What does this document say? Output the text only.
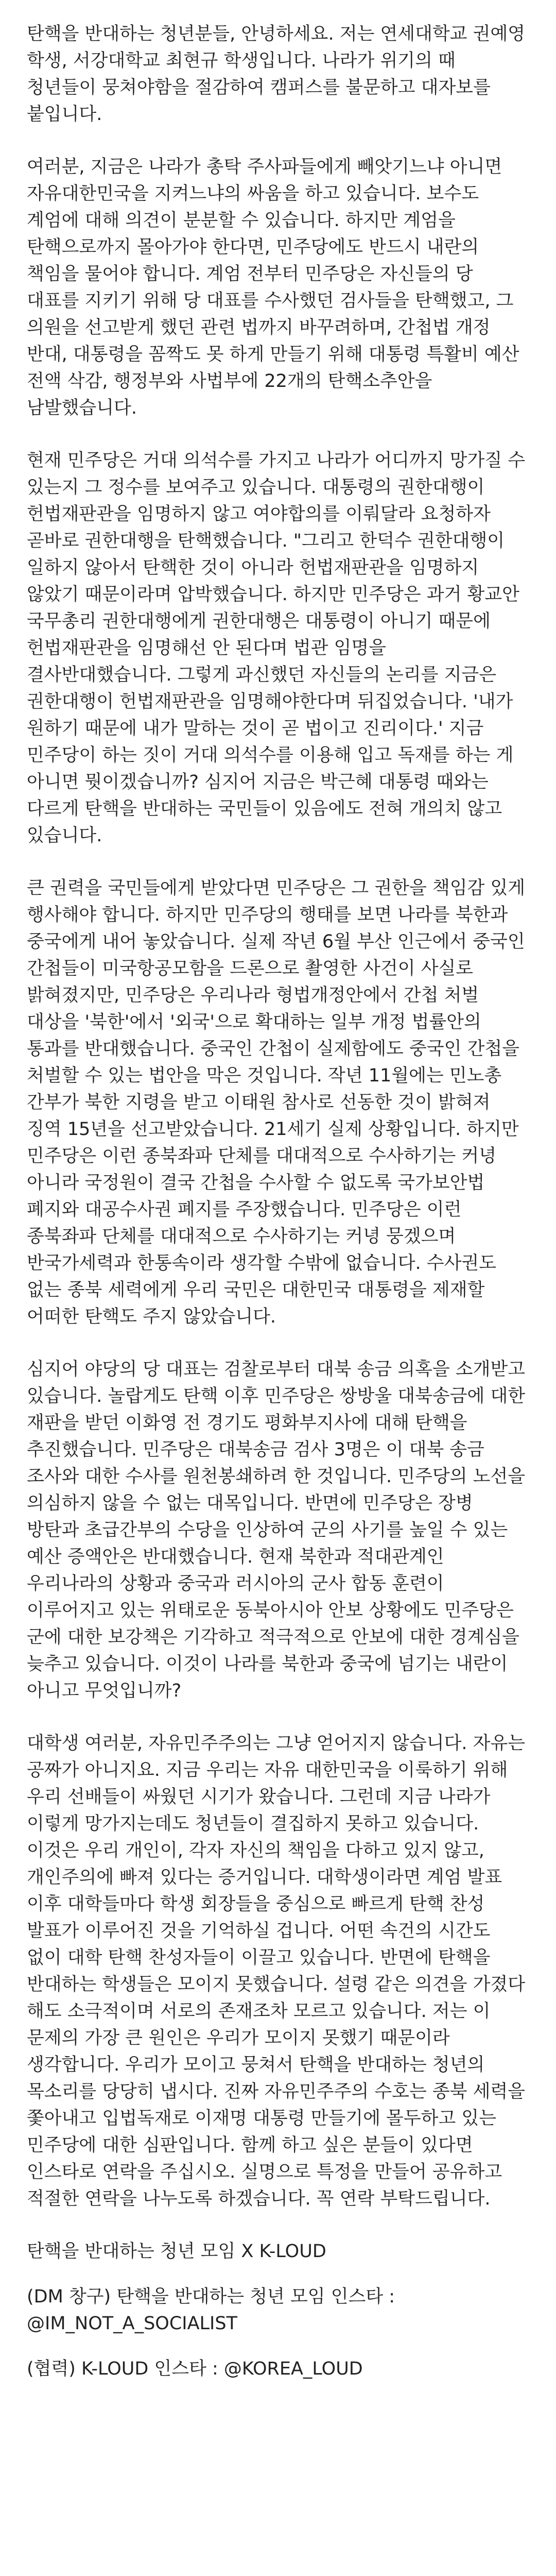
탄핵을 반대하는 청년분들, 안녕하세요. 저는 연세대학교 권예영 학생, 서강대학교 최현규 학생입니다. 나라가 위기의 때 청년들이 뭉쳐야함을 절감하여 캠퍼스를 불문하고 대자보를 붙입니다.

여러분, 지금은 나라가 총탁 주사파들에게 빼앗기느냐 아니면 자유대한민국을 지켜느냐의 싸움을 하고 있습니다. 보수도 계엄에 대해 의견이 분분할 수 있습니다. 하지만 계엄을 탄핵으로까지 몰아가야 한다면, 민주당에도 반드시 내란의 책임을 물어야 합니다. 계엄 전부터 민주당은 자신들의 당 대표를 지키기 위해 당 대표를 수사했던 검사들을 탄핵했고, 그 의원을 선고받게 했던 관련 법까지 바꾸려하며, 간첩법 개정 반대, 대통령을 꼼짝도 못 하게 만들기 위해 대통령 특활비 예산 전액 삭감, 행정부와 사법부에 22개의 탄핵소추안을 남발했습니다.

현재 민주당은 거대 의석수를 가지고 나라가 어디까지 망가질 수 있는지 그 정수를 보여주고 있습니다. 대통령의 권한대행이 헌법재판관을 임명하지 않고 여야합의를 이뤄달라 요청하자 곧바로 권한대행을 탄핵했습니다. "그리고 한덕수 권한대행이 일하지 않아서 탄핵한 것이 아니라 헌법재판관을 임명하지 않았기 때문이라며 압박했습니다. 하지만 민주당은 과거 황교안 국무총리 권한대행에게 권한대행은 대통령이 아니기 때문에 헌법재판관을 임명해선 안 된다며 법관 임명을 결사반대했습니다. 그렇게 과신했던 자신들의 논리를 지금은 권한대행이 헌법재판관을 임명해야한다며 뒤집었습니다. '내가 원하기 때문에 내가 말하는 것이 곧 법이고 진리이다.' 지금 민주당이 하는 짓이 거대 의석수를 이용해 입고 독재를 하는 게 아니면 뭣이겠습니까? 심지어 지금은 박근혜 대통령 때와는 다르게 탄핵을 반대하는 국민들이 있음에도 전혀 개의치 않고 있습니다.

큰 권력을 국민들에게 받았다면 민주당은 그 권한을 책임감 있게 행사해야 합니다. 하지만 민주당의 행태를 보면 나라를 북한과 중국에게 내어 놓았습니다. 실제 작년 6월 부산 인근에서 중국인 간첩들이 미국항공모함을 드론으로 촬영한 사건이 사실로 밝혀졌지만, 민주당은 우리나라 형법개정안에서 간첩 처벌 대상을 '북한'에서 '외국'으로 확대하는 일부 개정 법률안의 통과를 반대했습니다. 중국인 간첩이 실제함에도 중국인 간첩을 처벌할 수 있는 법안을 막은 것입니다. 작년 11월에는 민노총 간부가 북한 지령을 받고 이태원 참사로 선동한 것이 밝혀져 징역 15년을 선고받았습니다. 21세기 실제 상황입니다. 하지만 민주당은 이런 종북좌파 단체를 대대적으로 수사하기는 커녕 아니라 국정원이 결국 간첩을 수사할 수 없도록 국가보안법 폐지와 대공수사권 폐지를 주장했습니다. 민주당은 이런 종북좌파 단체를 대대적으로 수사하기는 커녕 뭉겠으며 반국가세력과 한통속이라 생각할 수밖에 없습니다. 수사권도 없는 종북 세력에게 우리 국민은 대한민국 대통령을 제재할 어떠한 탄핵도 주지 않았습니다.

심지어 야당의 당 대표는 검찰로부터 대북 송금 의혹을 소개받고 있습니다. 놀랍게도 탄핵 이후 민주당은 쌍방울 대북송금에 대한 재판을 받던 이화영 전 경기도 평화부지사에 대해 탄핵을 추진했습니다. 민주당은 대북송금 검사 3명은 이 대북 송금 조사와 대한 수사를 원천봉쇄하려 한 것입니다. 민주당의 노선을 의심하지 않을 수 없는 대목입니다. 반면에 민주당은 장병 방탄과 초급간부의 수당을 인상하여 군의 사기를 높일 수 있는 예산 증액안은 반대했습니다. 현재 북한과 적대관계인 우리나라의 상황과 중국과 러시아의 군사 합동 훈련이 이루어지고 있는 위태로운 동북아시아 안보 상황에도 민주당은 군에 대한 보강책은 기각하고 적극적으로 안보에 대한 경계심을 늦추고 있습니다. 이것이 나라를 북한과 중국에 넘기는 내란이 아니고 무엇입니까?

대학생 여러분, 자유민주주의는 그냥 얻어지지 않습니다. 자유는 공짜가 아니지요. 지금 우리는 자유 대한민국을 이룩하기 위해 우리 선배들이 싸웠던 시기가 왔습니다. 그런데 지금 나라가 이렇게 망가지는데도 청년들이 결집하지 못하고 있습니다. 이것은 우리 개인이, 각자 자신의 책임을 다하고 있지 않고, 개인주의에 빠져 있다는 증거입니다. 대학생이라면 계엄 발표 이후 대학들마다 학생 회장들을 중심으로 빠르게 탄핵 찬성 발표가 이루어진 것을 기억하실 겁니다. 어떤 속건의 시간도 없이 대학 탄핵 찬성자들이 이끌고 있습니다. 반면에 탄핵을 반대하는 학생들은 모이지 못했습니다. 설령 같은 의견을 가졌다 해도 소극적이며 서로의 존재조차 모르고 있습니다. 저는 이 문제의 가장 큰 원인은 우리가 모이지 못했기 때문이라 생각합니다. 우리가 모이고 뭉쳐서 탄핵을 반대하는 청년의 목소리를 당당히 냅시다. 진짜 자유민주주의 수호는 종북 세력을 쫓아내고 입법독재로 이재명 대통령 만들기에 몰두하고 있는 민주당에 대한 심판입니다. 함께 하고 싶은 분들이 있다면 인스타로 연락을 주십시오. 실명으로 특정을 만들어 공유하고 적절한 연락을 나누도록 하겠습니다. 꼭 연락 부탁드립니다.

탄핵을 반대하는 청년 모임 X K-LOUD

(DM 창구) 탄핵을 반대하는 청년 모임 인스타 :
@IM_NOT_A_SOCIALIST

(협력) K-LOUD 인스타 : @KOREA_LOUD
